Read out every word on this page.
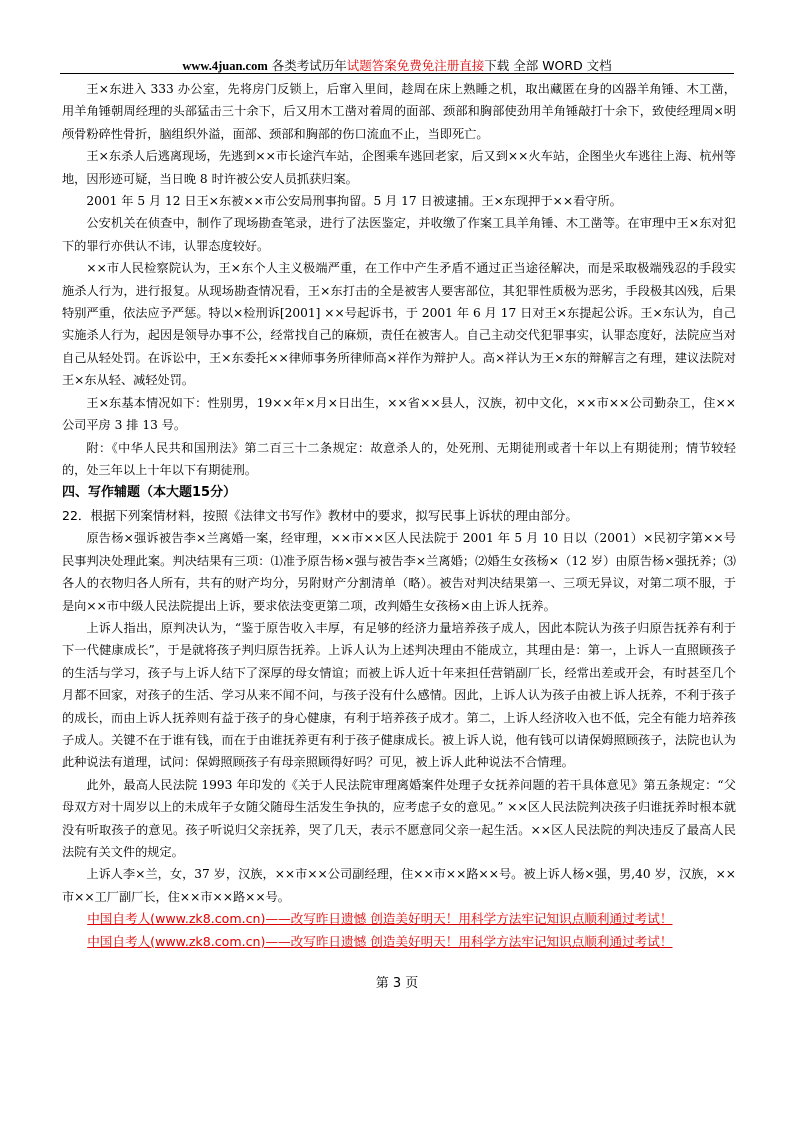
www.4juan.com 各类考试历年试题答案免费免注册直接下载 全部 WORD 文档

王×东进入 333 办公室，先将房门反锁上，后窜入里间，趁周在床上熟睡之机，取出藏匿在身的凶器羊角锤、木工凿，用羊角锤朝周经理的头部猛击三十余下，后又用木工凿对着周的面部、颈部和胸部使劲用羊角锤敲打十余下，致使经理周×明颅骨粉碎性骨折，脑组织外溢，面部、颈部和胸部的伤口流血不止，当即死亡。

王×东杀人后逃离现场，先逃到××市长途汽车站，企图乘车逃回老家，后又到××火车站，企图坐火车逃往上海、杭州等地，因形迹可疑，当日晚 8 时许被公安人员抓获归案。

2001 年 5 月 12 日王×东被××市公安局刑事拘留。5 月 17 日被逮捕。王×东现押于××看守所。

公安机关在侦查中，制作了现场勘查笔录，进行了法医鉴定，并收缴了作案工具羊角锤、木工凿等。在审理中王×东对犯下的罪行亦供认不讳，认罪态度较好。

××市人民检察院认为，王×东个人主义极端严重，在工作中产生矛盾不通过正当途径解决，而是采取极端残忍的手段实施杀人行为，进行报复。从现场勘查情况看，王×东打击的全是被害人要害部位，其犯罪性质极为恶劣，手段极其凶残，后果特别严重，依法应予严惩。特以×检刑诉[2001] ××号起诉书，于 2001 年 6 月 17 日对王×东提起公诉。王×东认为，自己实施杀人行为，起因是领导办事不公，经常找自己的麻烦，责任在被害人。自己主动交代犯罪事实，认罪态度好，法院应当对自己从轻处罚。在诉讼中，王×东委托××律师事务所律师高×祥作为辩护人。高×祥认为王×东的辩解言之有理，建议法院对王×东从轻、减轻处罚。

王×东基本情况如下：性别男，19××年×月×日出生，××省××县人，汉族，初中文化，××市××公司勤杂工，住××公司平房 3 排 13 号。

附：《中华人民共和国刑法》第二百三十二条规定：故意杀人的，处死刑、无期徒刑或者十年以上有期徒刑；情节较轻的，处三年以上十年以下有期徒刑。

四、写作辅题（本大题15分）

22．根据下列案情材料，按照《法律文书写作》教材中的要求，拟写民事上诉状的理由部分。

原告杨×强诉被告李×兰离婚一案，经审理，××市××区人民法院于 2001 年 5 月 10 日以（2001）×民初字第××号民事判决处理此案。判决结果有三项：⑴准予原告杨×强与被告李×兰离婚；⑵婚生女孩杨×（12 岁）由原告杨×强抚养；⑶各人的衣物归各人所有，共有的财产均分，另附财产分割清单（略）。被告对判决结果第一、三项无异议，对第二项不服，于是向××市中级人民法院提出上诉，要求依法变更第二项，改判婚生女孩杨×由上诉人抚养。

上诉人指出，原判决认为，“鉴于原告收入丰厚，有足够的经济力量培养孩子成人，因此本院认为孩子归原告抚养有利于下一代健康成长”，于是就将孩子判归原告抚养。上诉人认为上述判决理由不能成立，其理由是：第一，上诉人一直照顾孩子的生活与学习，孩子与上诉人结下了深厚的母女情谊；而被上诉人近十年来担任营销副厂长，经常出差或开会，有时甚至几个月都不回家，对孩子的生活、学习从来不闻不问，与孩子没有什么感情。因此，上诉人认为孩子由被上诉人抚养，不利于孩子的成长，而由上诉人抚养则有益于孩子的身心健康，有利于培养孩子成才。第二，上诉人经济收入也不低，完全有能力培养孩子成人。关键不在于谁有钱，而在于由谁抚养更有利于孩子健康成长。被上诉人说，他有钱可以请保姆照顾孩子，法院也认为此种说法有道理，试问：保姆照顾孩子有母亲照顾得好吗？可见，被上诉人此种说法不合情理。

此外，最高人民法院 1993 年印发的《关于人民法院审理离婚案件处理子女抚养问题的若干具体意见》第五条规定：“父母双方对十周岁以上的未成年子女随父随母生活发生争执的，应考虑子女的意见。” ××区人民法院判决孩子归谁抚养时根本就没有听取孩子的意见。孩子听说归父亲抚养，哭了几天，表示不愿意同父亲一起生活。××区人民法院的判决违反了最高人民法院有关文件的规定。

上诉人李×兰，女，37 岁，汉族，××市××公司副经理，住××市××路××号。被上诉人杨×强，男,40 岁，汉族，××市××工厂副厂长，住××市××路××号。

中国自考人(www.zk8.com.cn)——改写昨日遗憾 创造美好明天！用科学方法牢记知识点顺利通过考试！

中国自考人(www.zk8.com.cn)——改写昨日遗憾 创造美好明天！用科学方法牢记知识点顺利通过考试！

第 3 页
